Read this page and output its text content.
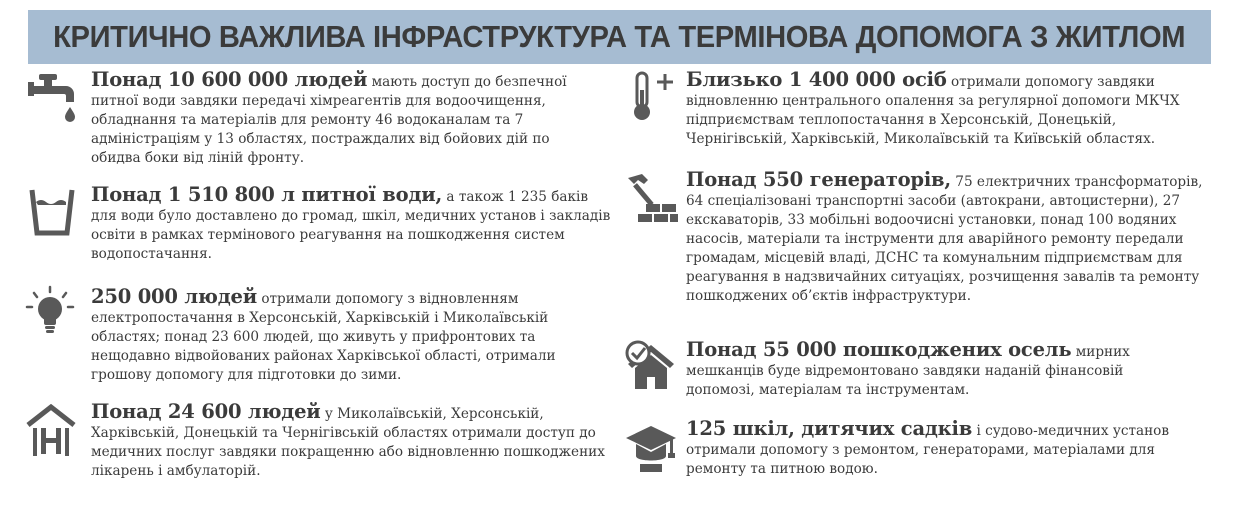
КРИТИЧНО ВАЖЛИВА ІНФРАСТРУКТУРА ТА ТЕРМІНОВА ДОПОМОГА З ЖИТЛОМ
Понад 10 600 000 людей мають доступ до безпечної питної води завдяки передачі хімреагентів для водоочищення, обладнання та матеріалів для ремонту 46 водоканалам та 7 адміністраціям у 13 областях, постраждалих від бойових дій по обидва боки від ліній фронту.
Понад 1 510 800 л питної води, а також 1 235 баків для води було доставлено до громад, шкіл, медичних установ і закладів освіти в рамках термінового реагування на пошкодження систем водопостачання.
250 000 людей отримали допомогу з відновленням електропостачання в Херсонській, Харківській і Миколаївській областях; понад 23 600 людей, що живуть у прифронтових та нещодавно відвойованих районах Харківської області, отримали грошову допомогу для підготовки до зими.
Понад 24 600 людей у Миколаївській, Херсонській, Харківській, Донецькій та Чернігівській областях отримали доступ до медичних послуг завдяки покращенню або відновленню пошкоджених лікарень і амбулаторій.
Близько 1 400 000 осіб отримали допомогу завдяки відновленню центрального опалення за регулярної допомоги МКЧХ підприємствам теплопостачання в Херсонській, Донецькій, Чернігівській, Харківській, Миколаївській та Київській областях.
Понад 550 генераторів, 75 електричних трансформаторів, 64 спеціалізовані транспортні засоби (автокрани, автоцистерни), 27 екскаваторів, 33 мобільні водоочисні установки, понад 100 водяних насосів, матеріали та інструменти для аварійного ремонту передали громадам, місцевій владі, ДСНС та комунальним підприємствам для реагування в надзвичайних ситуаціях, розчищення завалів та ремонту пошкоджених об’єктів інфраструктури.
Понад 55 000 пошкоджених осель мирних мешканців буде відремонтовано завдяки наданій фінансовій допомозі, матеріалам та інструментам.
125 шкіл, дитячих садків і судово-медичних установ отримали допомогу з ремонтом, генераторами, матеріалами для ремонту та питною водою.
